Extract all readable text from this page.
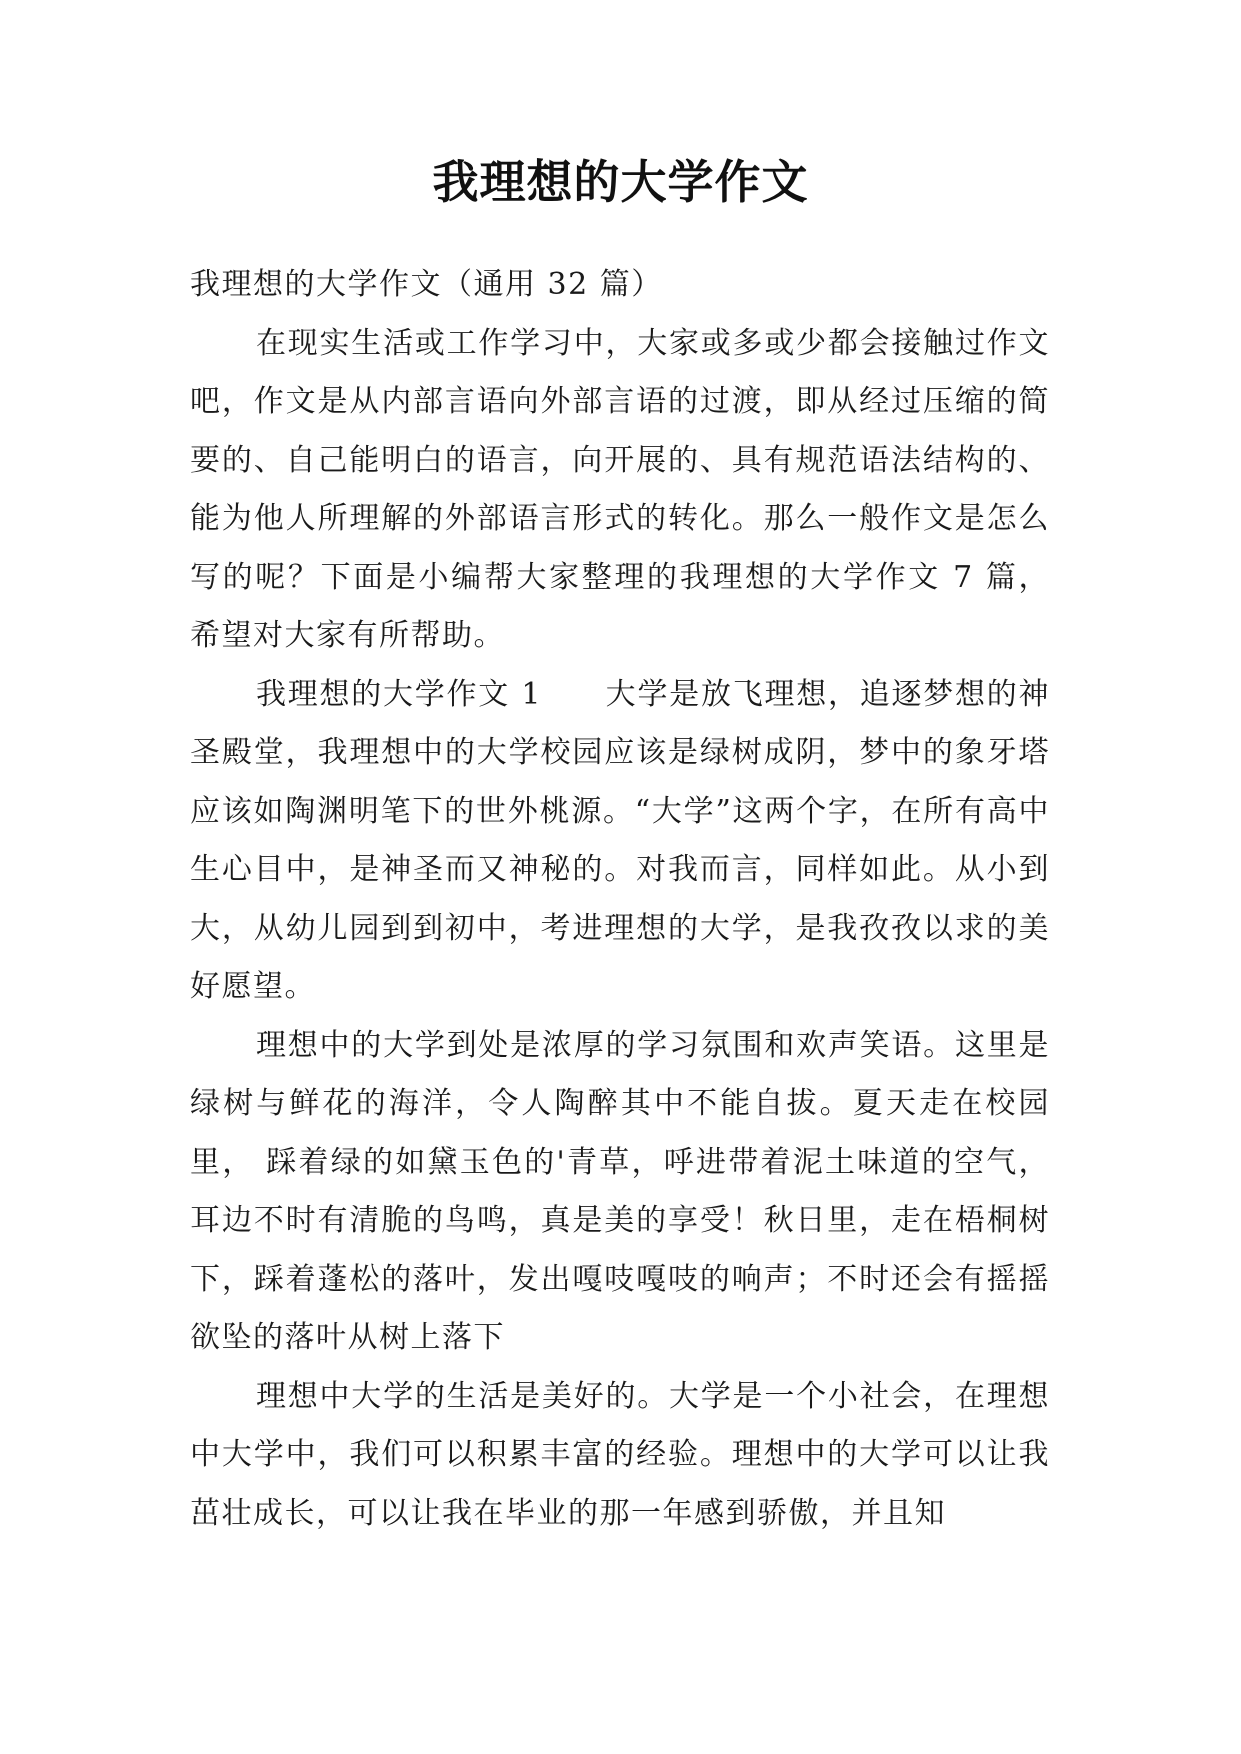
我理想的大学作文

我理想的大学作文（通用 32 篇）

在现实生活或工作学习中，大家或多或少都会接触过作文吧，作文是从内部言语向外部言语的过渡，即从经过压缩的简要的、自己能明白的语言，向开展的、具有规范语法结构的、能为他人所理解的外部语言形式的转化。那么一般作文是怎么写的呢？下面是小编帮大家整理的我理想的大学作文 7 篇，希望对大家有所帮助。

我理想的大学作文 1　　大学是放飞理想，追逐梦想的神圣殿堂，我理想中的大学校园应该是绿树成阴，梦中的象牙塔应该如陶渊明笔下的世外桃源。“大学”这两个字，在所有高中生心目中，是神圣而又神秘的。对我而言，同样如此。从小到大，从幼儿园到到初中，考进理想的大学，是我孜孜以求的美好愿望。

理想中的大学到处是浓厚的学习氛围和欢声笑语。这里是绿树与鲜花的海洋，令人陶醉其中不能自拔。夏天走在校园里， 踩着绿的如黛玉色的'青草，呼进带着泥土味道的空气，耳边不时有清脆的鸟鸣，真是美的享受！秋日里，走在梧桐树下，踩着蓬松的落叶，发出嘎吱嘎吱的响声；不时还会有摇摇欲坠的落叶从树上落下

理想中大学的生活是美好的。大学是一个小社会，在理想中大学中，我们可以积累丰富的经验。理想中的大学可以让我茁壮成长，可以让我在毕业的那一年感到骄傲，并且知
